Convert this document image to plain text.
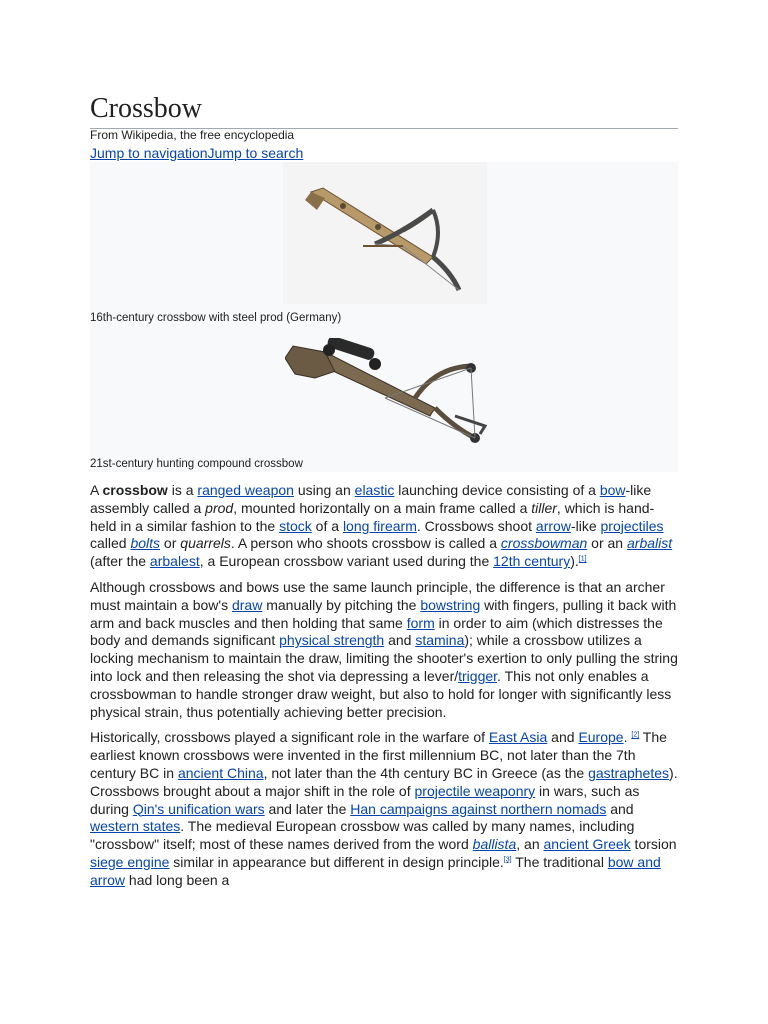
Crossbow
From Wikipedia, the free encyclopedia
Jump to navigationJump to search
16th-century crossbow with steel prod (Germany)
21st-century hunting compound crossbow

A crossbow is a ranged weapon using an elastic launching device consisting of a bow-like assembly called a prod, mounted horizontally on a main frame called a tiller, which is hand-held in a similar fashion to the stock of a long firearm. Crossbows shoot arrow-like projectiles called bolts or quarrels. A person who shoots crossbow is called a crossbowman or an arbalist (after the arbalest, a European crossbow variant used during the 12th century).[1]

Although crossbows and bows use the same launch principle, the difference is that an archer must maintain a bow's draw manually by pitching the bowstring with fingers, pulling it back with arm and back muscles and then holding that same form in order to aim (which distresses the body and demands significant physical strength and stamina); while a crossbow utilizes a locking mechanism to maintain the draw, limiting the shooter's exertion to only pulling the string into lock and then releasing the shot via depressing a lever/trigger. This not only enables a crossbowman to handle stronger draw weight, but also to hold for longer with significantly less physical strain, thus potentially achieving better precision.

Historically, crossbows played a significant role in the warfare of East Asia and Europe. [2] The earliest known crossbows were invented in the first millennium BC, not later than the 7th century BC in ancient China, not later than the 4th century BC in Greece (as the gastraphetes). Crossbows brought about a major shift in the role of projectile weaponry in wars, such as during Qin's unification wars and later the Han campaigns against northern nomads and western states. The medieval European crossbow was called by many names, including "crossbow" itself; most of these names derived from the word ballista, an ancient Greek torsion siege engine similar in appearance but different in design principle.[3] The traditional bow and arrow had long been a
